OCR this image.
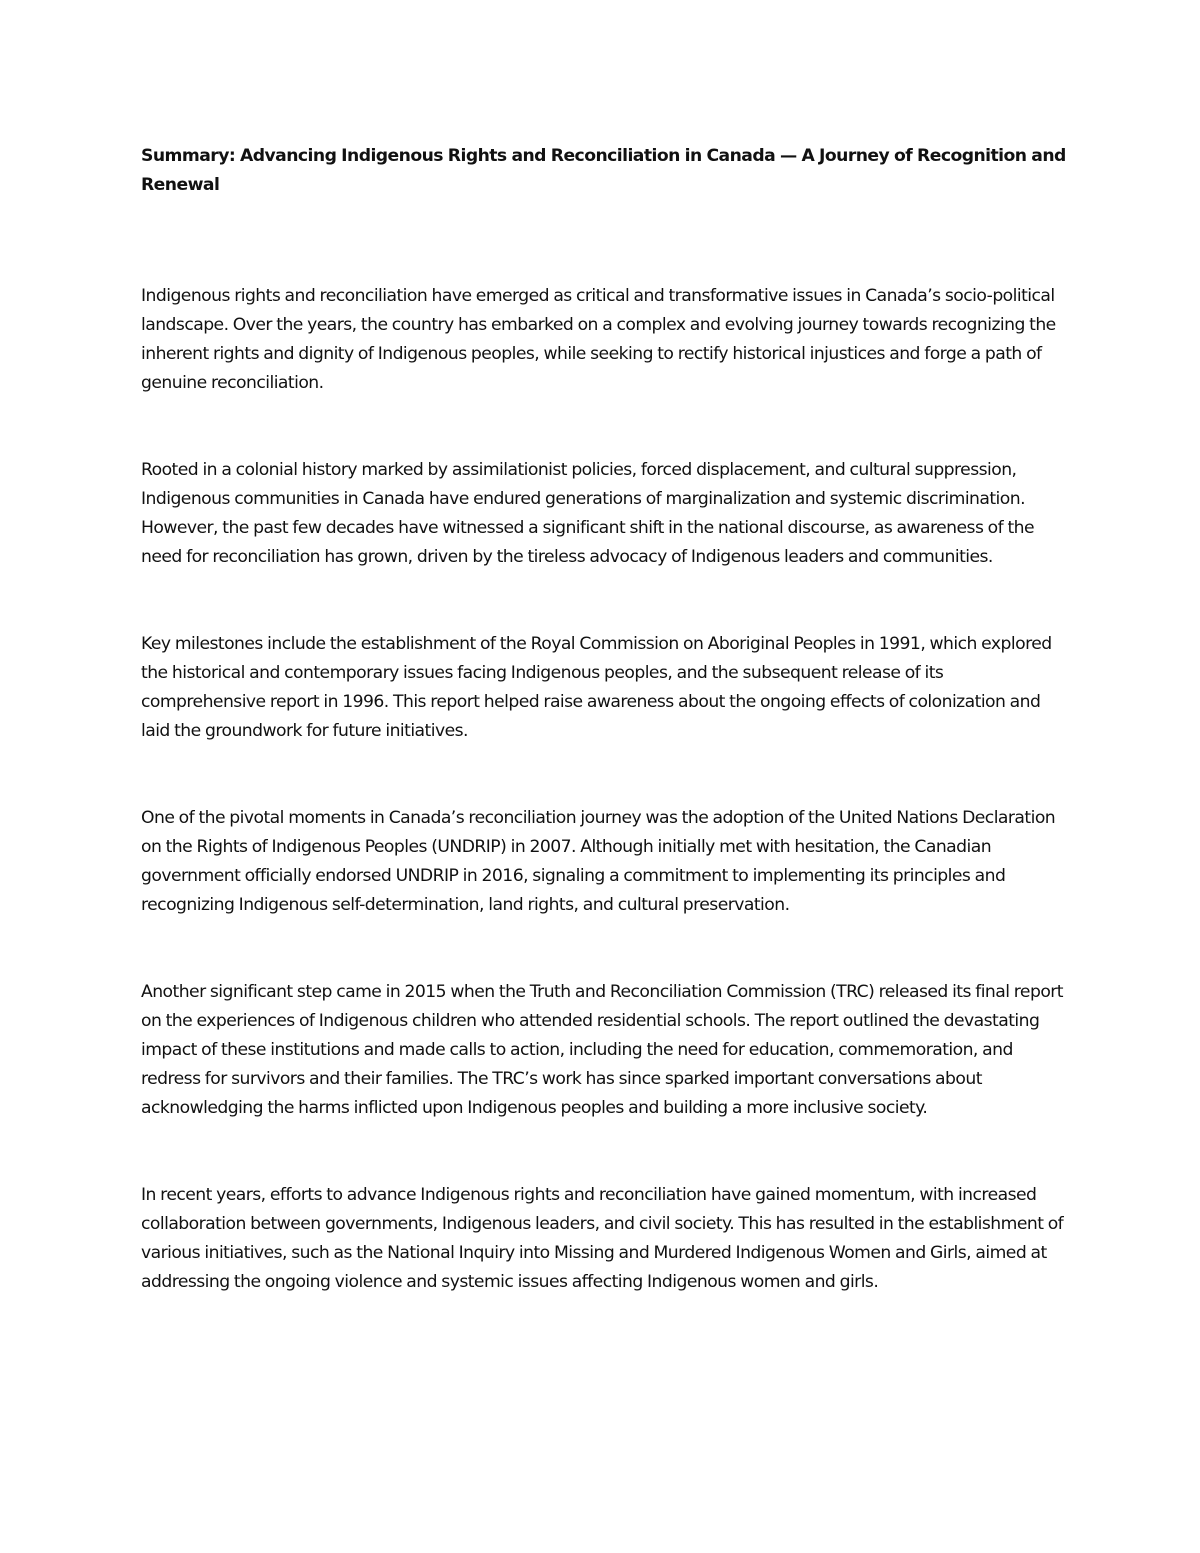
Summary: Advancing Indigenous Rights and Reconciliation in Canada — A Journey of Recognition and Renewal

Indigenous rights and reconciliation have emerged as critical and transformative issues in Canada’s socio-political landscape. Over the years, the country has embarked on a complex and evolving journey towards recognizing the inherent rights and dignity of Indigenous peoples, while seeking to rectify historical injustices and forge a path of genuine reconciliation.

Rooted in a colonial history marked by assimilationist policies, forced displacement, and cultural suppression, Indigenous communities in Canada have endured generations of marginalization and systemic discrimination. However, the past few decades have witnessed a significant shift in the national discourse, as awareness of the need for reconciliation has grown, driven by the tireless advocacy of Indigenous leaders and communities.

Key milestones include the establishment of the Royal Commission on Aboriginal Peoples in 1991, which explored the historical and contemporary issues facing Indigenous peoples, and the subsequent release of its comprehensive report in 1996. This report helped raise awareness about the ongoing effects of colonization and laid the groundwork for future initiatives.

One of the pivotal moments in Canada’s reconciliation journey was the adoption of the United Nations Declaration on the Rights of Indigenous Peoples (UNDRIP) in 2007. Although initially met with hesitation, the Canadian government officially endorsed UNDRIP in 2016, signaling a commitment to implementing its principles and recognizing Indigenous self-determination, land rights, and cultural preservation.

Another significant step came in 2015 when the Truth and Reconciliation Commission (TRC) released its final report on the experiences of Indigenous children who attended residential schools. The report outlined the devastating impact of these institutions and made calls to action, including the need for education, commemoration, and redress for survivors and their families. The TRC’s work has since sparked important conversations about acknowledging the harms inflicted upon Indigenous peoples and building a more inclusive society.

In recent years, efforts to advance Indigenous rights and reconciliation have gained momentum, with increased collaboration between governments, Indigenous leaders, and civil society. This has resulted in the establishment of various initiatives, such as the National Inquiry into Missing and Murdered Indigenous Women and Girls, aimed at addressing the ongoing violence and systemic issues affecting Indigenous women and girls.
